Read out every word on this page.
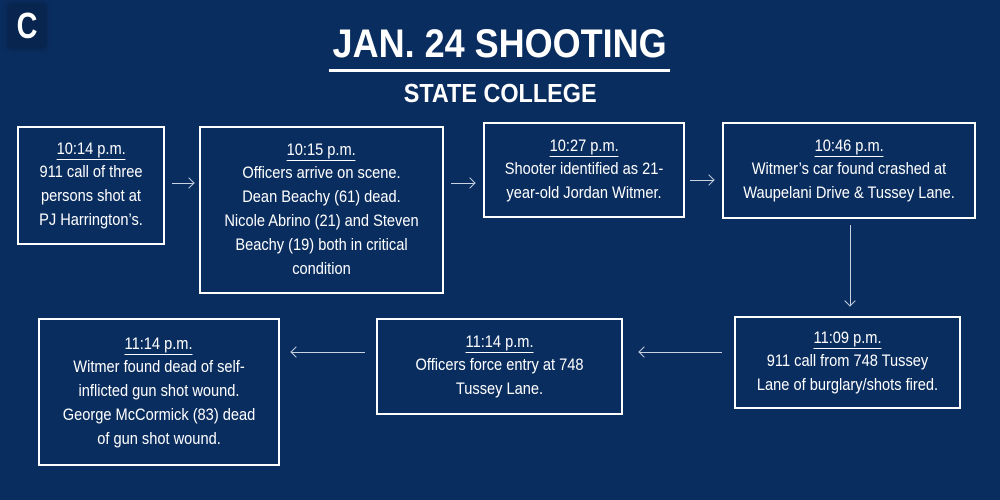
C	JAN. 24 SHOOTING
STATE COLLEGE
10:14 p.m.
911 call of three
persons shot at
PJ Harrington’s.
10:15 p.m.
Officers arrive on scene.
Dean Beachy (61) dead.
Nicole Abrino (21) and Steven
Beachy (19) both in critical
condition
10:27 p.m.
Shooter identified as 21-
year-old Jordan Witmer.
10:46 p.m.
Witmer’s car found crashed at
Waupelani Drive & Tussey Lane.
11:09 p.m.
911 call from 748 Tussey
Lane of burglary/shots fired.
11:14 p.m.
Officers force entry at 748
Tussey Lane.
11:14 p.m.
Witmer found dead of self-
inflicted gun shot wound.
George McCormick (83) dead
of gun shot wound.
